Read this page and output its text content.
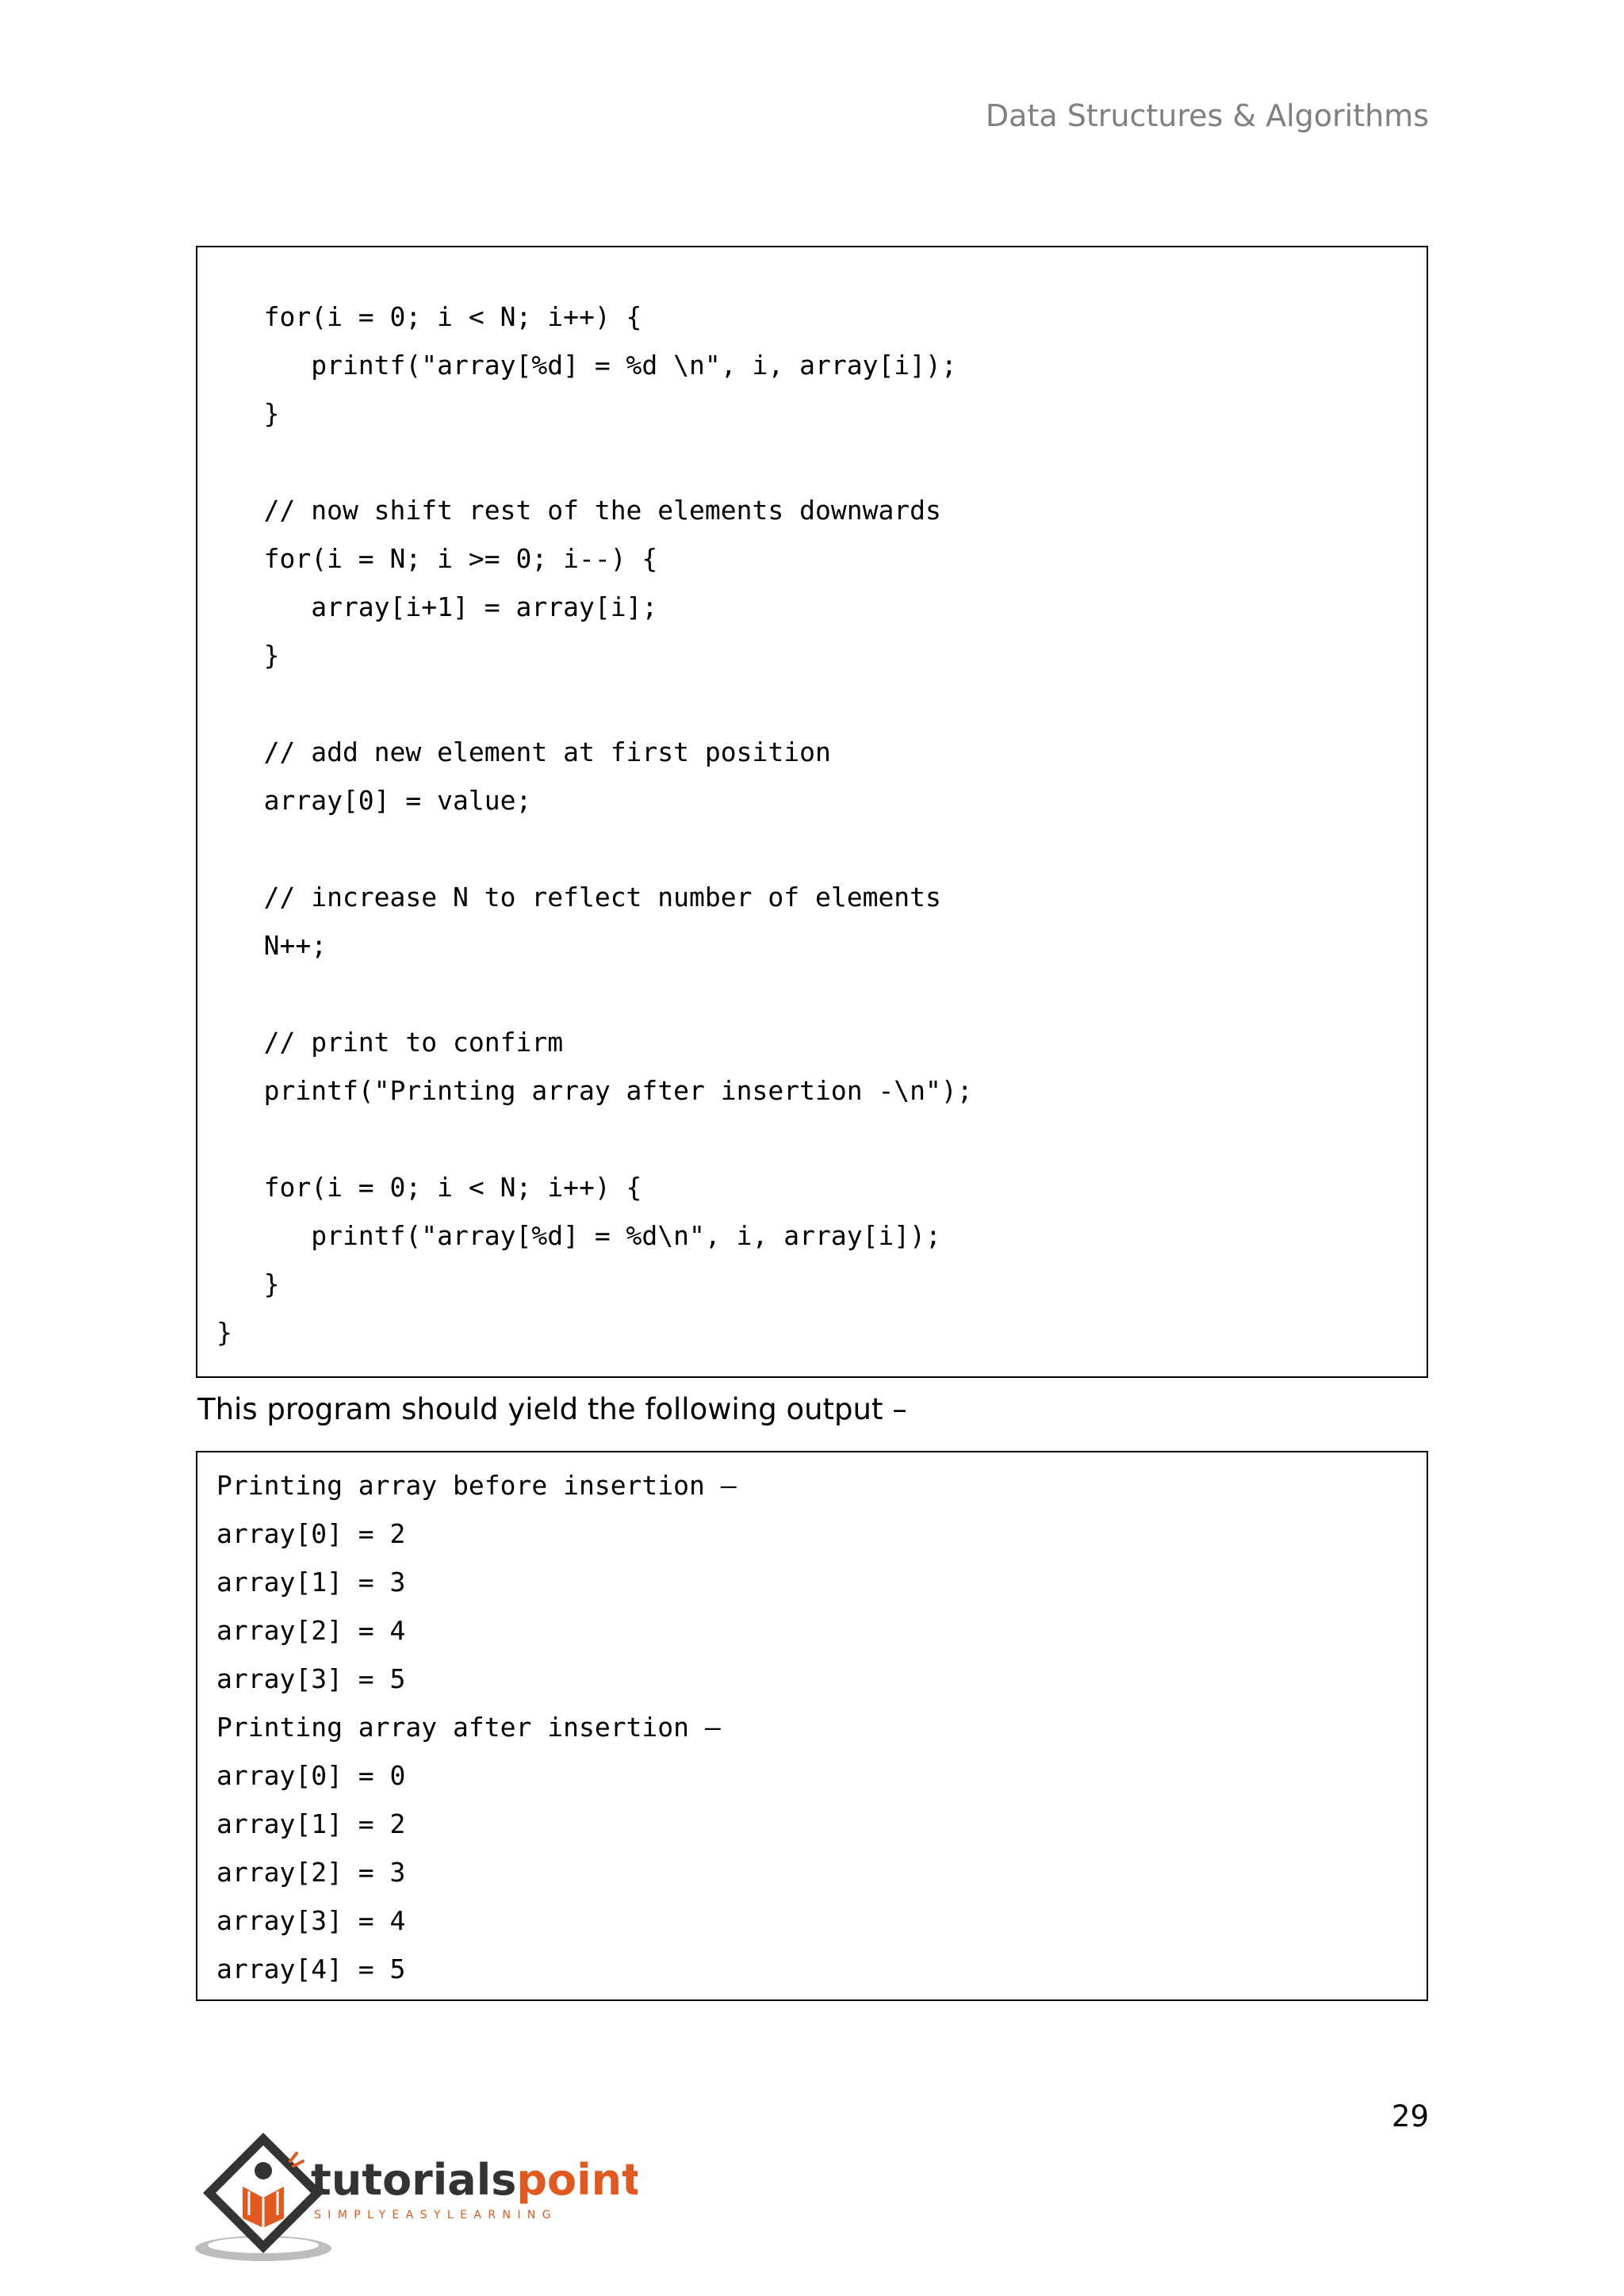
Data Structures & Algorithms
for(i = 0; i < N; i++) {
printf("array[%d] = %d \n", i, array[i]);
}
// now shift rest of the elements downwards
for(i = N; i >= 0; i--) {
array[i+1] = array[i];
}
// add new element at first position
array[0] = value;
// increase N to reflect number of elements
N++;
// print to confirm
printf("Printing array after insertion -\n");
for(i = 0; i < N; i++) {
printf("array[%d] = %d\n", i, array[i]);
}
}
This program should yield the following output –
Printing array before insertion –
array[0] = 2
array[1] = 3
array[2] = 4
array[3] = 5
Printing array after insertion –
array[0] = 0
array[1] = 2
array[2] = 3
array[3] = 4
array[4] = 5
29
tutorialspoint
SIMPLYEASYLEARNING
